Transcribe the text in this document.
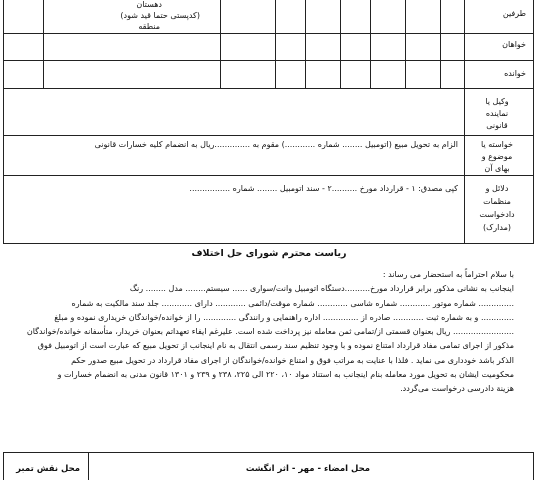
طرفین
خواهان
خوانده
وکیل یا
نماینده
قانونی
خواسته یا
موضوع و
بهای آن
دلائل و
منظمات
دادخواست
(مدارک)
دهستان
(کدپستی حتما قید شود)
منطقه
الزام به تحویل مبیع (اتومبیل ........ شماره ............) مقوم به ..............ریال به انضمام کلیه خسارات قانونی
کپی مصدق: ۱ - قرارداد مورخ ..........۲ - سند اتومبیل ........ شماره ................
ریاست محترم شورای حل اختلاف
با سلام احتراماً به استحضار می رساند :
اینجانب به نشانی مذکور برابر قرارداد مورخ..........دستگاه اتومبیل وانت/سواری ...... سیستم........ مدل ........ رنگ
.............. شماره موتور ............ شماره شاسی ............ شماره موقت/دائمی ............ دارای ............ جلد سند مالکیت به شماره
............. و به شماره ثبت ............ صادره از .............. اداره راهنمایی و رانندگی ............. را از خوانده/خواندگان خریداری نموده و مبلغ
........................ ریال بعنوان قسمتی از/تمامی ثمن معامله نیز پرداخت شده است. علیرغم ایفاء تعهداتم بعنوان خریدار، متأسفانه خوانده/خواندگان
مذکور از اجرای تمامی مفاد قرارداد امتناع نموده و با وجود تنظیم سند رسمی انتقال به نام اینجانب از تحویل مبیع که عبارت است از اتومبیل فوق
الذکر باشد خودداری می نماید . فلذا با عنایت به مراتب فوق و امتناع خوانده/خواندگان از اجرای مفاد قرارداد در تحویل مبیع صدور حکم
محکومیت ایشان به تحویل مورد معامله بنام اینجانب به استناد مواد ۱۰، ۲۲۰ الی ۲۲۵، ۲۳۸ و ۲۳۹ و ۱۳۰۱ قانون مدنی به انضمام خسارات و
هزینة دادرسی درخواست می‌گردد.
محل امضاء - مهر - اثر انگشت
محل نقش تمبر
